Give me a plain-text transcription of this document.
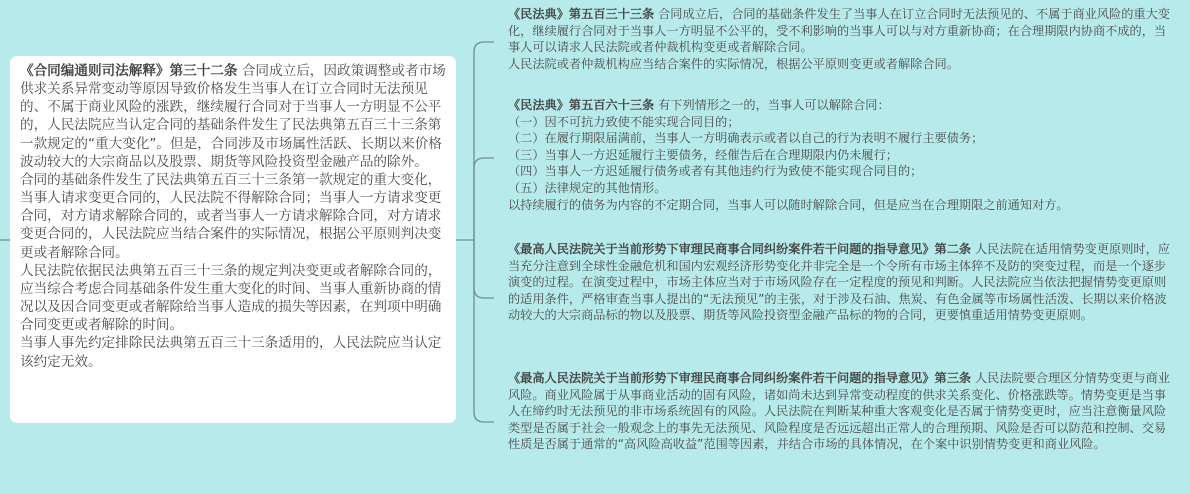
《合同编通则司法解释》第三十二条 合同成立后，因政策调整或者市场供求关系异常变动等原因导致价格发生当事人在订立合同时无法预见的、不属于商业风险的涨跌，继续履行合同对于当事人一方明显不公平的，人民法院应当认定合同的基础条件发生了民法典第五百三十三条第一款规定的“重大变化”。但是，合同涉及市场属性活跃、长期以来价格波动较大的大宗商品以及股票、期货等风险投资型金融产品的除外。

合同的基础条件发生了民法典第五百三十三条第一款规定的重大变化，当事人请求变更合同的，人民法院不得解除合同；当事人一方请求变更合同，对方请求解除合同的，或者当事人一方请求解除合同，对方请求变更合同的，人民法院应当结合案件的实际情况，根据公平原则判决变更或者解除合同。

人民法院依据民法典第五百三十三条的规定判决变更或者解除合同的，应当综合考虑合同基础条件发生重大变化的时间、当事人重新协商的情况以及因合同变更或者解除给当事人造成的损失等因素，在判项中明确合同变更或者解除的时间。

当事人事先约定排除民法典第五百三十三条适用的，人民法院应当认定该约定无效。

《民法典》第五百三十三条 合同成立后，合同的基础条件发生了当事人在订立合同时无法预见的、不属于商业风险的重大变化，继续履行合同对于当事人一方明显不公平的，受不利影响的当事人可以与对方重新协商；在合理期限内协商不成的，当事人可以请求人民法院或者仲裁机构变更或者解除合同。

人民法院或者仲裁机构应当结合案件的实际情况，根据公平原则变更或者解除合同。

《民法典》第五百六十三条 有下列情形之一的，当事人可以解除合同：

（一）因不可抗力致使不能实现合同目的；

（二）在履行期限届满前，当事人一方明确表示或者以自己的行为表明不履行主要债务；

（三）当事人一方迟延履行主要债务，经催告后在合理期限内仍未履行；

（四）当事人一方迟延履行债务或者有其他违约行为致使不能实现合同目的；

（五）法律规定的其他情形。

以持续履行的债务为内容的不定期合同，当事人可以随时解除合同，但是应当在合理期限之前通知对方。

《最高人民法院关于当前形势下审理民商事合同纠纷案件若干问题的指导意见》第二条 人民法院在适用情势变更原则时，应当充分注意到全球性金融危机和国内宏观经济形势变化并非完全是一个令所有市场主体猝不及防的突变过程，而是一个逐步演变的过程。在演变过程中，市场主体应当对于市场风险存在一定程度的预见和判断。人民法院应当依法把握情势变更原则的适用条件，严格审查当事人提出的“无法预见”的主张，对于涉及石油、焦炭、有色金属等市场属性活泼、长期以来价格波动较大的大宗商品标的物以及股票、期货等风险投资型金融产品标的物的合同，更要慎重适用情势变更原则。

《最高人民法院关于当前形势下审理民商事合同纠纷案件若干问题的指导意见》第三条 人民法院要合理区分情势变更与商业风险。商业风险属于从事商业活动的固有风险，诸如尚未达到异常变动程度的供求关系变化、价格涨跌等。情势变更是当事人在缔约时无法预见的非市场系统固有的风险。人民法院在判断某种重大客观变化是否属于情势变更时，应当注意衡量风险类型是否属于社会一般观念上的事先无法预见、风险程度是否远远超出正常人的合理预期、风险是否可以防范和控制、交易性质是否属于通常的“高风险高收益”范围等因素，并结合市场的具体情况，在个案中识别情势变更和商业风险。
